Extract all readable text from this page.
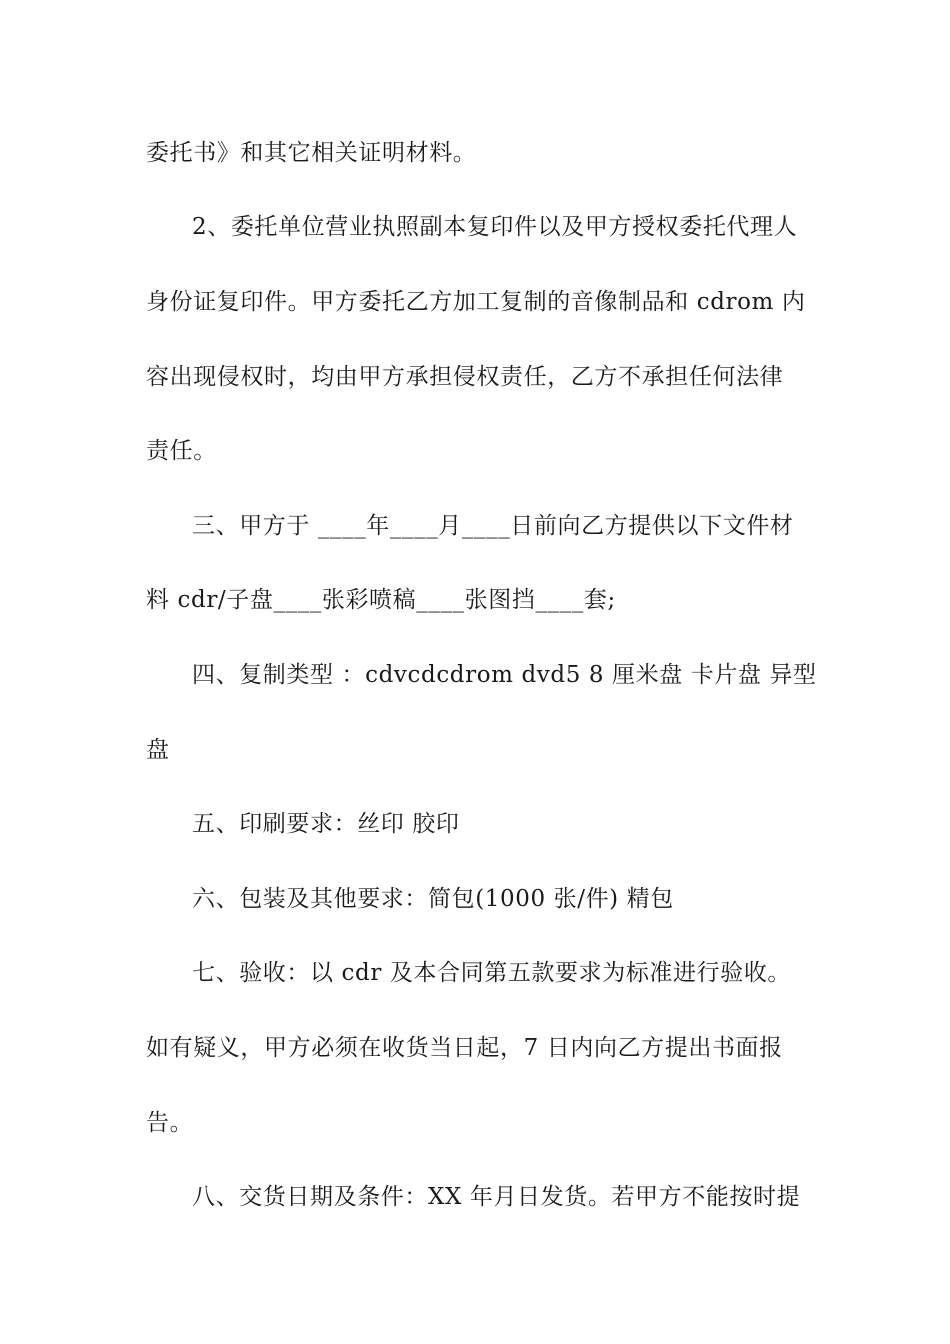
委托书》和其它相关证明材料。
2、委托单位营业执照副本复印件以及甲方授权委托代理人
身份证复印件。甲方委托乙方加工复制的音像制品和 cdrom 内
容出现侵权时，均由甲方承担侵权责任，乙方不承担任何法律
责任。
三、甲方于 ____年____月____日前向乙方提供以下文件材
料 cdr/子盘____张彩喷稿____张图挡____套;
四、复制类型 ：cdvcdcdrom dvd5 8 厘米盘 卡片盘 异型
盘
五、印刷要求：丝印 胶印
六、包装及其他要求：简包(1000 张/件) 精包
七、验收：以 cdr 及本合同第五款要求为标准进行验收。
如有疑义，甲方必须在收货当日起，7 日内向乙方提出书面报
告。
八、交货日期及条件：XX 年月日发货。若甲方不能按时提
